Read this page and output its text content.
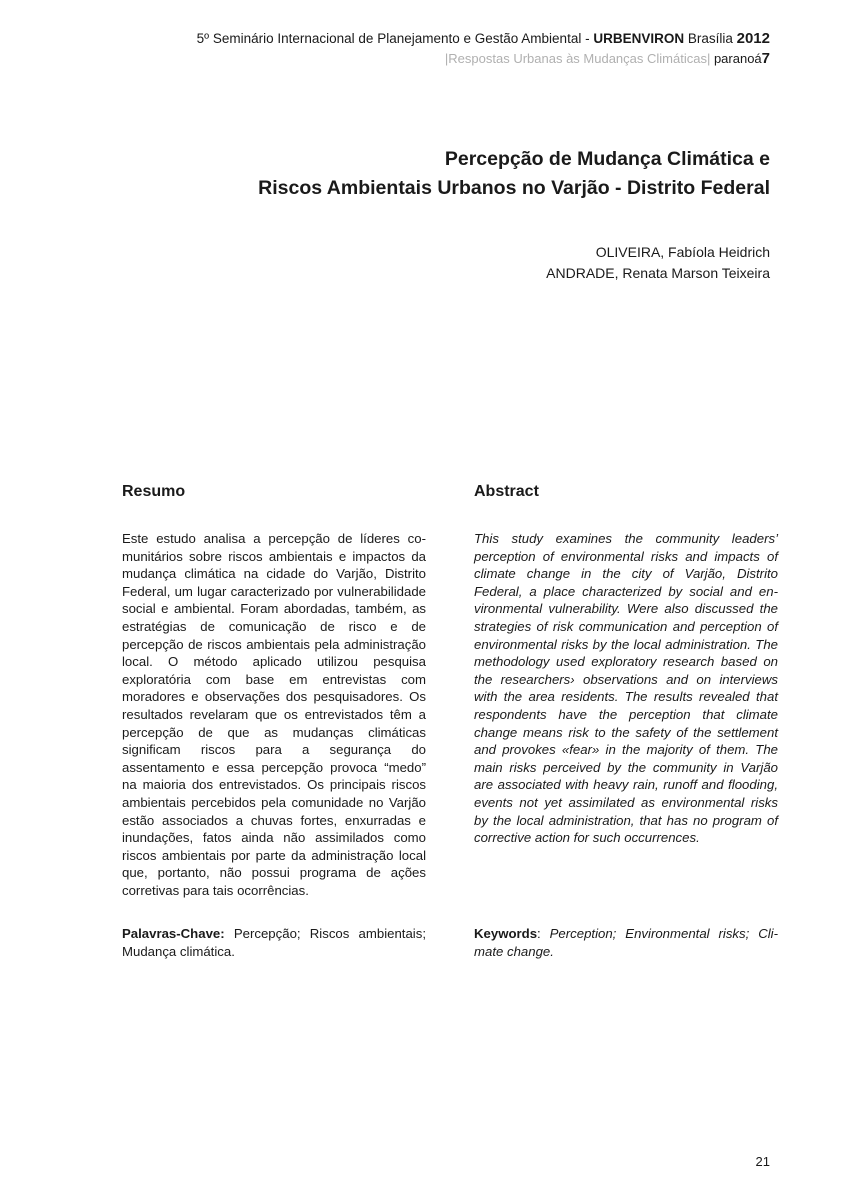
5º Seminário Internacional de Planejamento e Gestão Ambiental - URBENVIRON Brasília 2012
|Respostas Urbanas às Mudanças Climáticas| paranoá7
Percepção de Mudança Climática e
Riscos Ambientais Urbanos no Varjão - Distrito Federal
OLIVEIRA, Fabíola Heidrich
ANDRADE, Renata Marson Teixeira
Resumo	Abstract
Este estudo analisa a percepção de líderes comunitários sobre riscos ambientais e impactos da mudança climática na cidade do Varjão, Distrito Federal, um lugar caracterizado por vulnerabilidade social e ambiental. Foram abordadas, também, as estratégias de comunicação de risco e de percepção de riscos ambientais pela administração local. O método aplicado utilizou pesquisa exploratória com base em entrevistas com moradores e observações dos pesquisadores. Os resultados revelaram que os entrevistados têm a percepção de que as mudanças climáticas significam riscos para a segurança do assentamento e essa percepção provoca “medo” na maioria dos entrevistados. Os principais riscos ambientais percebidos pela comunidade no Varjão estão associados a chuvas fortes, enxurradas e inundações, fatos ainda não assimilados como riscos ambientais por parte da administração local que, portanto, não possui programa de ações corretivas para tais ocorrências.
This study examines the community leaders’ perception of environmental risks and impacts of climate change in the city of Varjão, Distrito Federal, a place characterized by social and environmental vulnerability. Were also discussed the strategies of risk communication and perception of environmental risks by the local administration. The methodology used exploratory research based on the researchers› observations and on interviews with the area residents. The results revealed that respondents have the perception that climate change means risk to the safety of the settlement and provokes «fear» in the majority of them. The main risks perceived by the community in Varjão are associated with heavy rain, runoff and flooding, events not yet assimilated as environmental risks by the local administration, that has no program of corrective action for such occurrences.
Palavras-Chave: Percepção; Riscos ambientais; Mudança climática.
Keywords: Perception; Environmental risks; Climate change.
21
